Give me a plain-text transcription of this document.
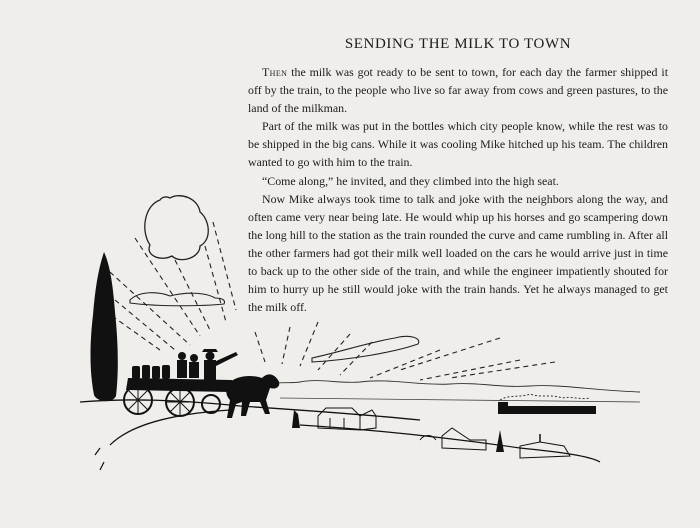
SENDING THE MILK TO TOWN

Then the milk was got ready to be sent to town, for each day the farmer shipped it off by the train, to the people who live so far away from cows and green pastures, to the land of the milkman.

Part of the milk was put in the bottles which city people know, while the rest was to be shipped in the big cans. While it was cooling Mike hitched up his team. The children wanted to go with him to the train.

“Come along,” he invited, and they climbed into the high seat.

Now Mike always took time to talk and joke with the neighbors along the way, and often came very near being late. He would whip up his horses and go scampering down the long hill to the station as the train rounded the curve and came rumbling in. After all the other farmers had got their milk well loaded on the cars he would arrive just in time to back up to the other side of the train, and while the engineer impatiently shouted for him to hurry up he still would joke with the train hands. Yet he always managed to get the milk off.
